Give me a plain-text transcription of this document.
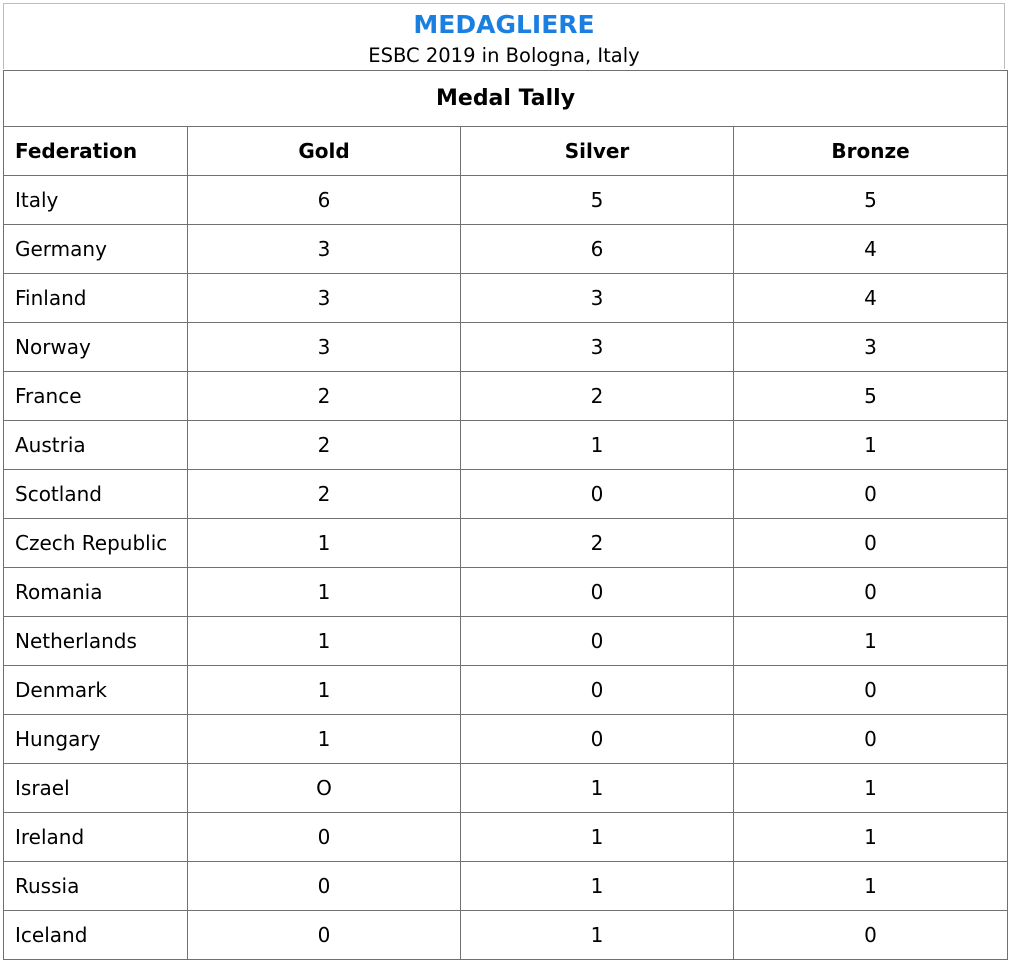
MEDAGLIERE
ESBC 2019 in Bologna, Italy
Medal Tally			
Federation	Gold	Silver	Bronze
Italy	6	5	5
Germany	3	6	4
Finland	3	3	4
Norway	3	3	3
France	2	2	5
Austria	2	1	1
Scotland	2	0	0
Czech Republic	1	2	0
Romania	1	0	0
Netherlands	1	0	1
Denmark	1	0	0
Hungary	1	0	0
Israel	O	1	1
Ireland	0	1	1
Russia	0	1	1
Iceland	0	1	0
